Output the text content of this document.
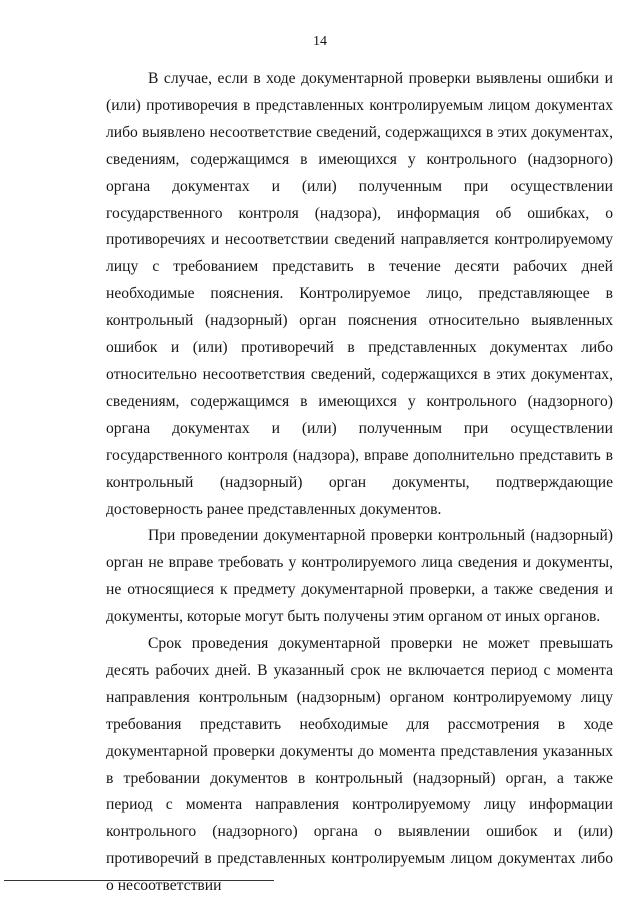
14

В случае, если в ходе документарной проверки выявлены ошибки и (или) противоречия в представленных контролируемым лицом документах либо выявлено несоответствие сведений, содержащихся в этих документах, сведениям, содержащимся в имеющихся у контрольного (надзорного) органа документах и (или) полученным при осуществлении государственного контроля (надзора), информация об ошибках, о противоречиях и несоответствии сведений направляется контролируемому лицу с требованием представить в течение десяти рабочих дней необходимые пояснения. Контролируемое лицо, представляющее в контрольный (надзорный) орган пояснения относительно выявленных ошибок и (или) противоречий в представленных документах либо относительно несоответствия сведений, содержащихся в этих документах, сведениям, содержащимся в имеющихся у контрольного (надзорного) органа документах и (или) полученным при осуществлении государственного контроля (надзора), вправе дополнительно представить в контрольный (надзорный) орган документы, подтверждающие достоверность ранее представленных документов.

При проведении документарной проверки контрольный (надзорный) орган не вправе требовать у контролируемого лица сведения и документы, не относящиеся к предмету документарной проверки, а также сведения и документы, которые могут быть получены этим органом от иных органов.

Срок проведения документарной проверки не может превышать десять рабочих дней. В указанный срок не включается период с момента направления контрольным (надзорным) органом контролируемому лицу требования представить необходимые для рассмотрения в ходе документарной проверки документы до момента представления указанных в требовании документов в контрольный (надзорный) орган, а также период с момента направления контролируемому лицу информации контрольного (надзорного) органа о выявлении ошибок и (или) противоречий в представленных контролируемым лицом документах либо о несоответствии
